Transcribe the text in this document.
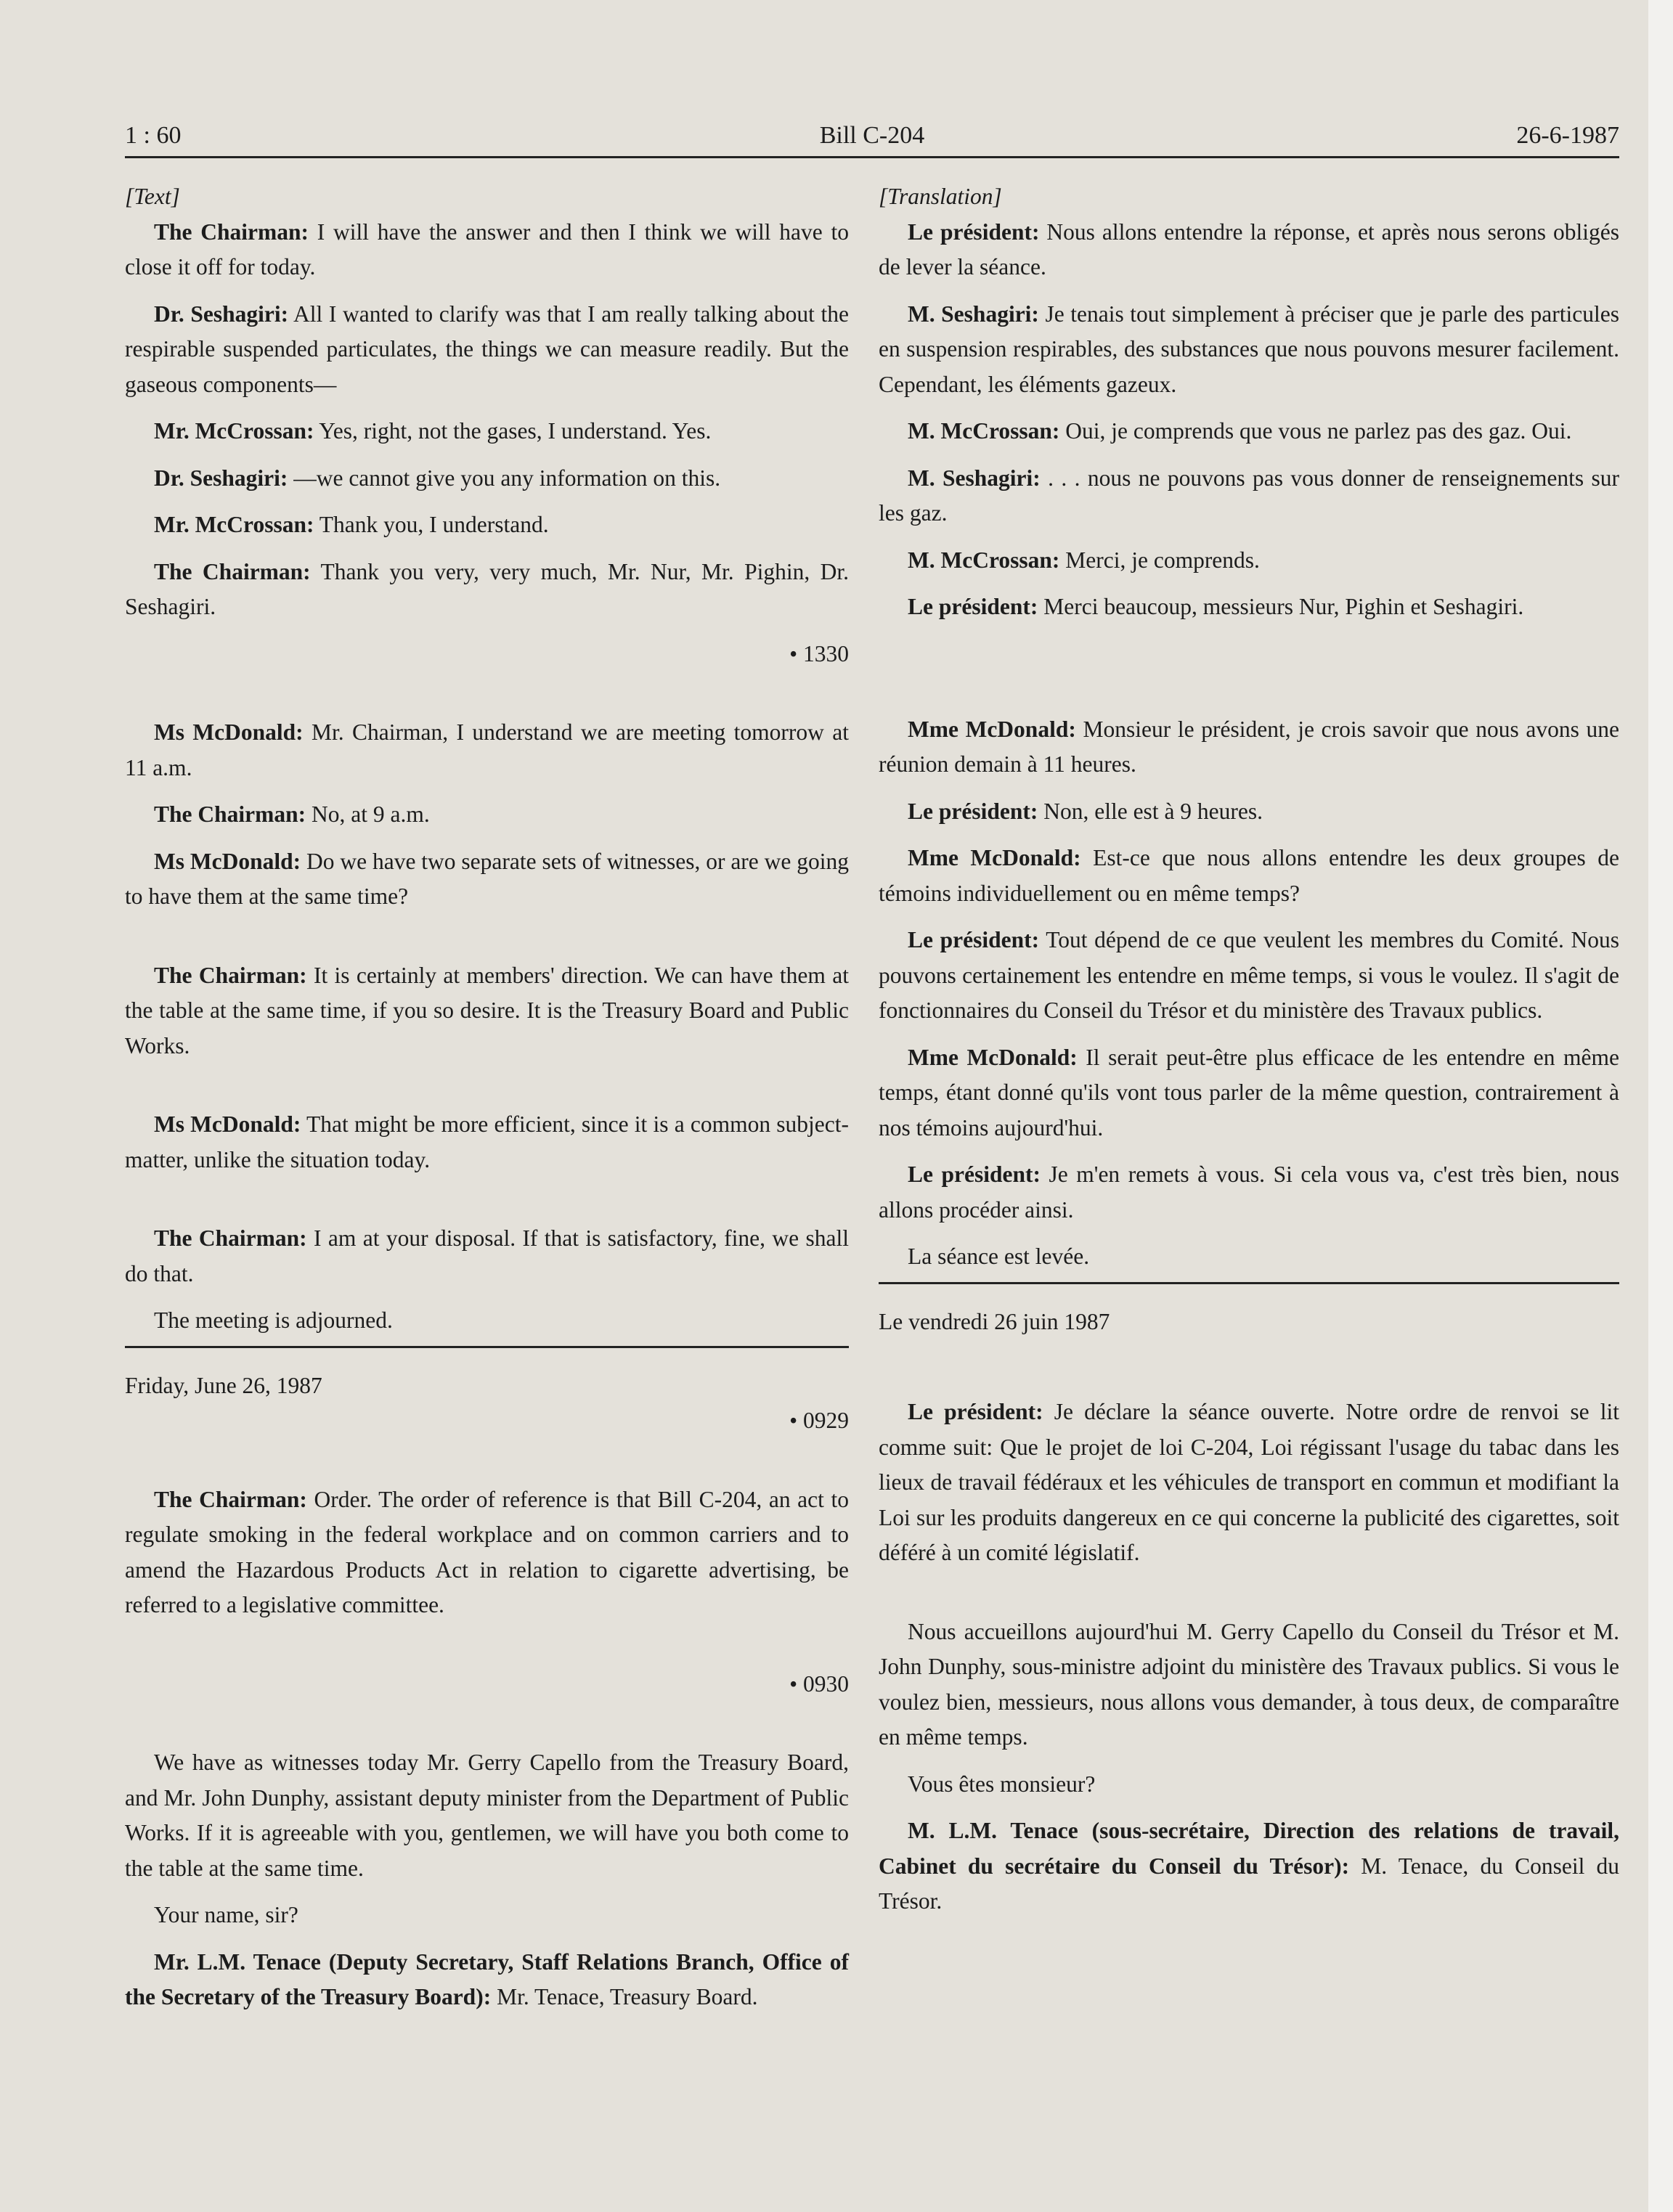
1 : 60	Bill C-204	26-6-1987

[Text]

The Chairman: I will have the answer and then I think we will have to close it off for today.

Dr. Seshagiri: All I wanted to clarify was that I am really talking about the respirable suspended particulates, the things we can measure readily. But the gaseous components—

Mr. McCrossan: Yes, right, not the gases, I understand. Yes.

Dr. Seshagiri: —we cannot give you any information on this.

Mr. McCrossan: Thank you, I understand.

The Chairman: Thank you very, very much, Mr. Nur, Mr. Pighin, Dr. Seshagiri.

• 1330

Ms McDonald: Mr. Chairman, I understand we are meeting tomorrow at 11 a.m.

The Chairman: No, at 9 a.m.

Ms McDonald: Do we have two separate sets of witnesses, or are we going to have them at the same time?

The Chairman: It is certainly at members' direction. We can have them at the table at the same time, if you so desire. It is the Treasury Board and Public Works.

Ms McDonald: That might be more efficient, since it is a common subject-matter, unlike the situation today.

The Chairman: I am at your disposal. If that is satisfactory, fine, we shall do that.

The meeting is adjourned.

Friday, June 26, 1987

• 0929

The Chairman: Order. The order of reference is that Bill C-204, an act to regulate smoking in the federal workplace and on common carriers and to amend the Hazardous Products Act in relation to cigarette advertising, be referred to a legislative committee.

• 0930

We have as witnesses today Mr. Gerry Capello from the Treasury Board, and Mr. John Dunphy, assistant deputy minister from the Department of Public Works. If it is agreeable with you, gentlemen, we will have you both come to the table at the same time.

Your name, sir?

Mr. L.M. Tenace (Deputy Secretary, Staff Relations Branch, Office of the Secretary of the Treasury Board): Mr. Tenace, Treasury Board.

[Translation]

Le président: Nous allons entendre la réponse, et après nous serons obligés de lever la séance.

M. Seshagiri: Je tenais tout simplement à préciser que je parle des particules en suspension respirables, des substances que nous pouvons mesurer facilement. Cependant, les éléments gazeux.

M. McCrossan: Oui, je comprends que vous ne parlez pas des gaz. Oui.

M. Seshagiri: . . . nous ne pouvons pas vous donner de renseignements sur les gaz.

M. McCrossan: Merci, je comprends.

Le président: Merci beaucoup, messieurs Nur, Pighin et Seshagiri.

Mme McDonald: Monsieur le président, je crois savoir que nous avons une réunion demain à 11 heures.

Le président: Non, elle est à 9 heures.

Mme McDonald: Est-ce que nous allons entendre les deux groupes de témoins individuellement ou en même temps?

Le président: Tout dépend de ce que veulent les membres du Comité. Nous pouvons certainement les entendre en même temps, si vous le voulez. Il s'agit de fonctionnaires du Conseil du Trésor et du ministère des Travaux publics.

Mme McDonald: Il serait peut-être plus efficace de les entendre en même temps, étant donné qu'ils vont tous parler de la même question, contrairement à nos témoins aujourd'hui.

Le président: Je m'en remets à vous. Si cela vous va, c'est très bien, nous allons procéder ainsi.

La séance est levée.

Le vendredi 26 juin 1987

Le président: Je déclare la séance ouverte. Notre ordre de renvoi se lit comme suit: Que le projet de loi C-204, Loi régissant l'usage du tabac dans les lieux de travail fédéraux et les véhicules de transport en commun et modifiant la Loi sur les produits dangereux en ce qui concerne la publicité des cigarettes, soit déféré à un comité législatif.

Nous accueillons aujourd'hui M. Gerry Capello du Conseil du Trésor et M. John Dunphy, sous-ministre adjoint du ministère des Travaux publics. Si vous le voulez bien, messieurs, nous allons vous demander, à tous deux, de comparaître en même temps.

Vous êtes monsieur?

M. L.M. Tenace (sous-secrétaire, Direction des relations de travail, Cabinet du secrétaire du Conseil du Trésor): M. Tenace, du Conseil du Trésor.
